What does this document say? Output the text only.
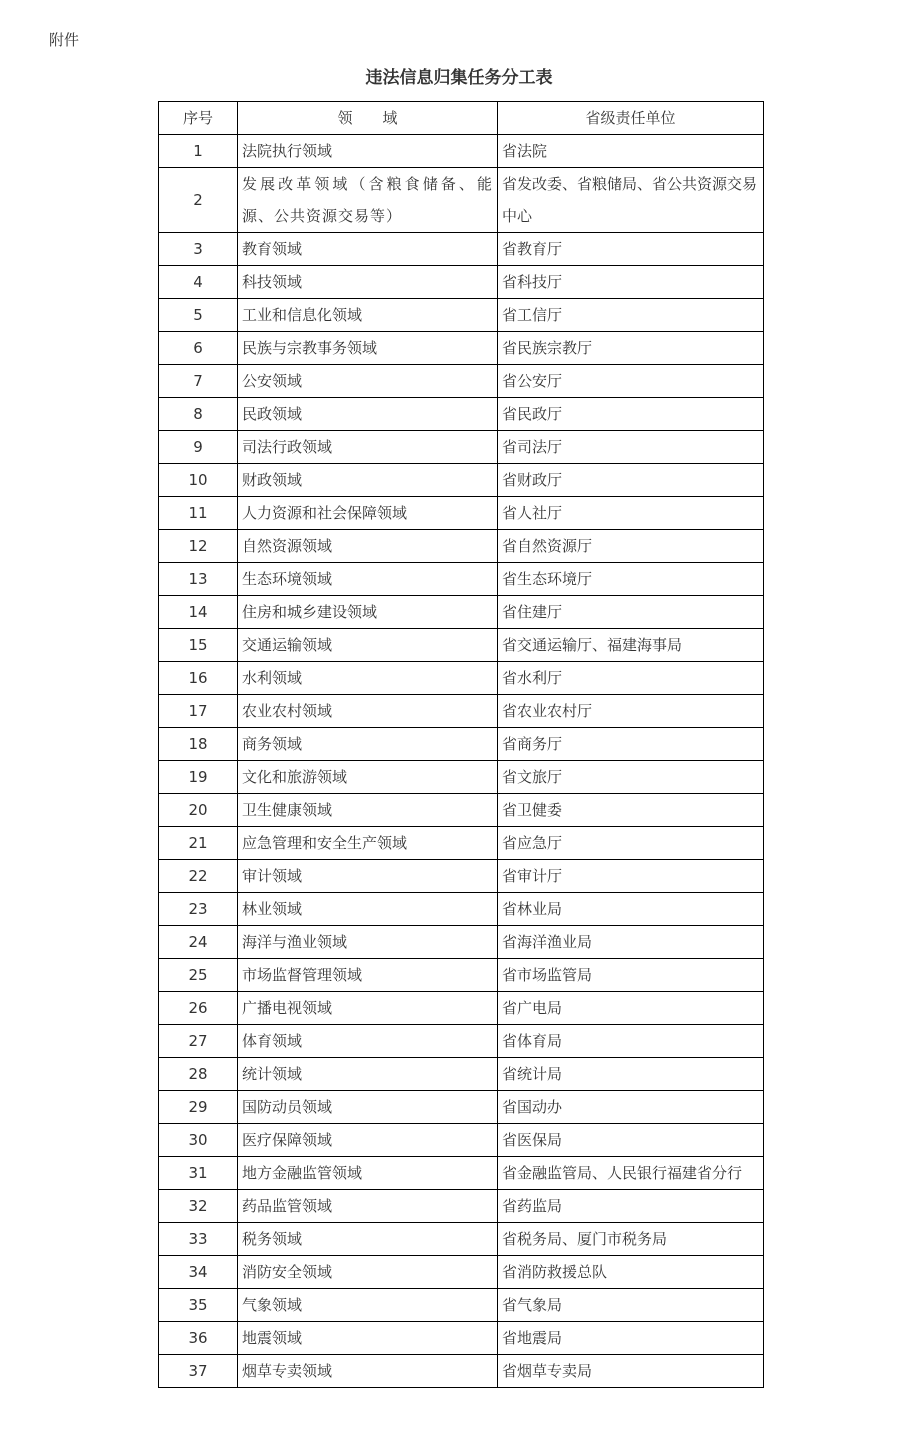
附件
违法信息归集任务分工表
序号	领　　域	省级责任单位
1	法院执行领域	省法院
2	发展改革领域（含粮食储备、能源、公共资源交易等）	省发改委、省粮储局、省公共资源交易中心
3	教育领域	省教育厅
4	科技领域	省科技厅
5	工业和信息化领域	省工信厅
6	民族与宗教事务领域	省民族宗教厅
7	公安领域	省公安厅
8	民政领域	省民政厅
9	司法行政领域	省司法厅
10	财政领域	省财政厅
11	人力资源和社会保障领域	省人社厅
12	自然资源领域	省自然资源厅
13	生态环境领域	省生态环境厅
14	住房和城乡建设领域	省住建厅
15	交通运输领域	省交通运输厅、福建海事局
16	水利领域	省水利厅
17	农业农村领域	省农业农村厅
18	商务领域	省商务厅
19	文化和旅游领域	省文旅厅
20	卫生健康领域	省卫健委
21	应急管理和安全生产领域	省应急厅
22	审计领域	省审计厅
23	林业领域	省林业局
24	海洋与渔业领域	省海洋渔业局
25	市场监督管理领域	省市场监管局
26	广播电视领域	省广电局
27	体育领域	省体育局
28	统计领域	省统计局
29	国防动员领域	省国动办
30	医疗保障领域	省医保局
31	地方金融监管领域	省金融监管局、人民银行福建省分行
32	药品监管领域	省药监局
33	税务领域	省税务局、厦门市税务局
34	消防安全领域	省消防救援总队
35	气象领域	省气象局
36	地震领域	省地震局
37	烟草专卖领域	省烟草专卖局
